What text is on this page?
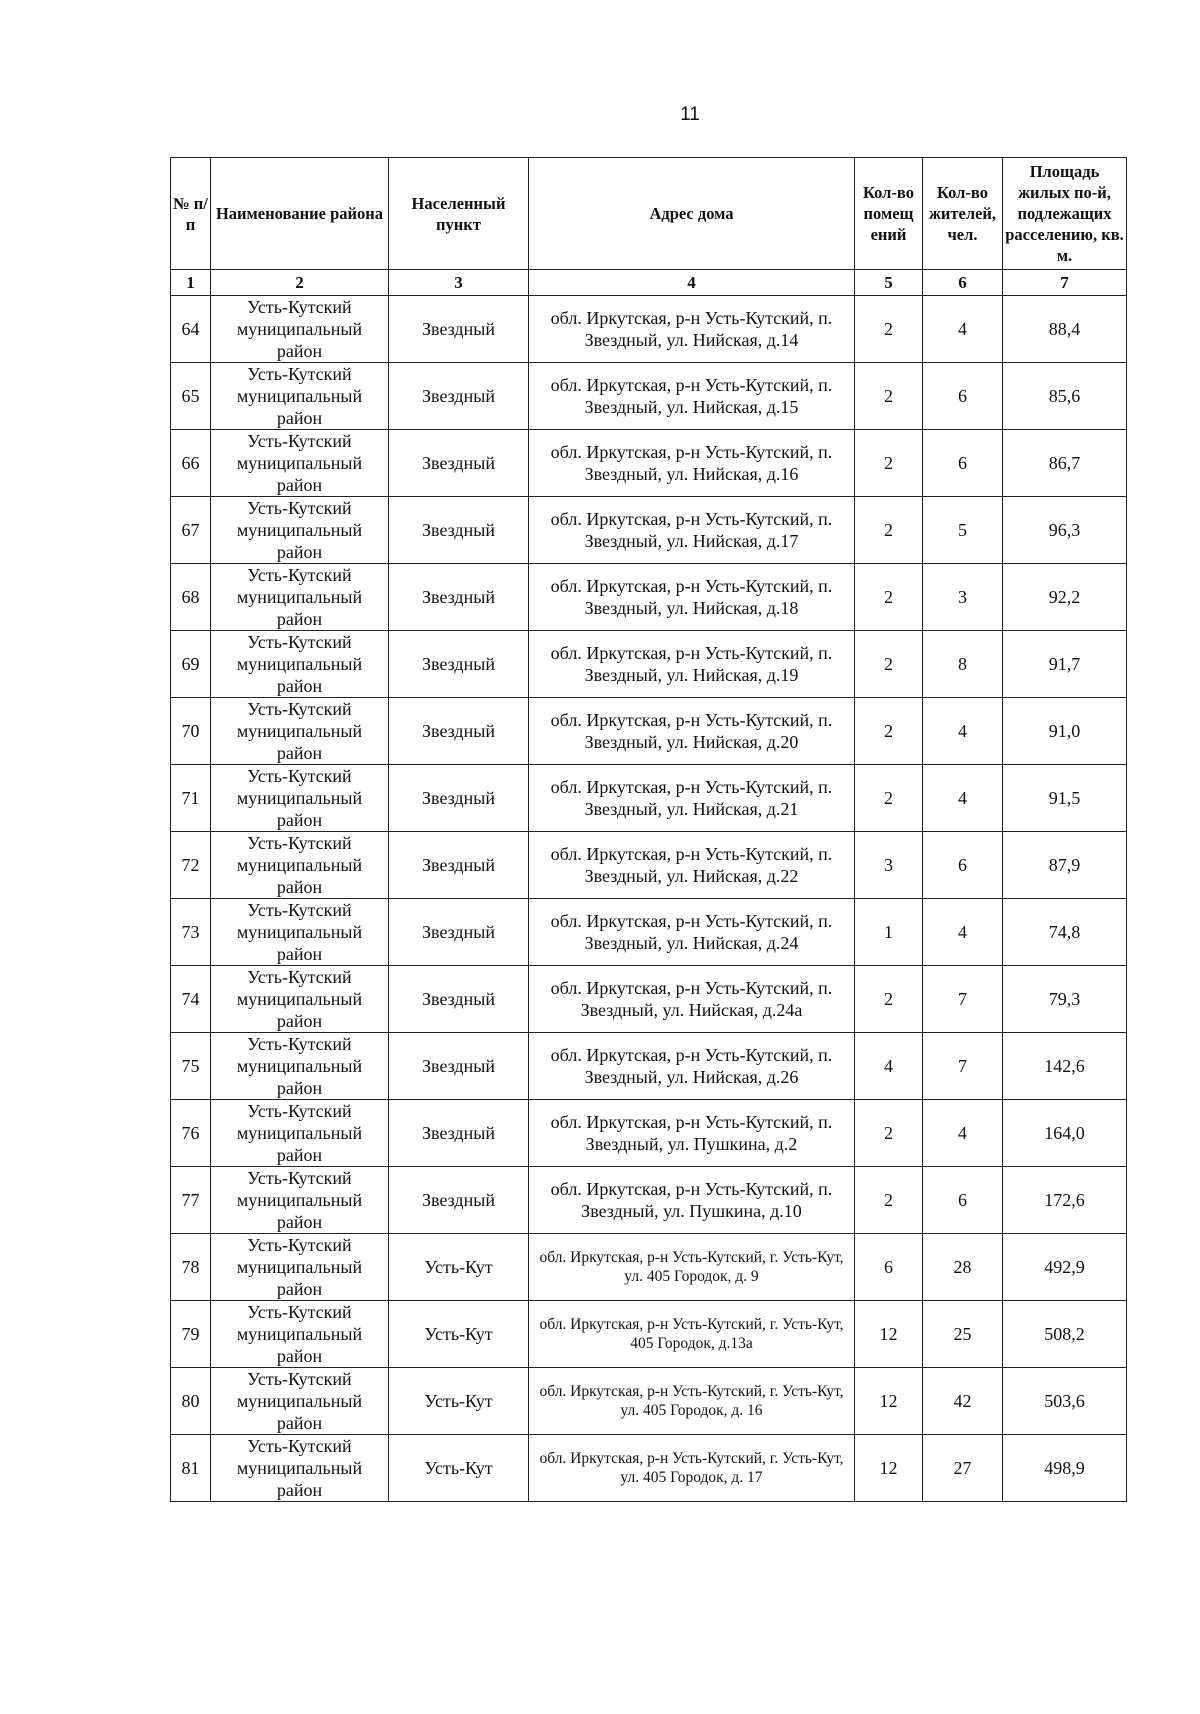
11
№ п/п	Наименование района	Населенный пункт	Адрес дома	Кол-во помещ ений	Кол-во жителей, чел.	Площадь жилых по-й, подлежащих расселению, кв. м.
1	2	3	4	5	6	7
64	Усть-Кутский муниципальный район	Звездный	обл. Иркутская, р-н Усть-Кутский, п. Звездный, ул. Нийская, д.14	2	4	88,4
65	Усть-Кутский муниципальный район	Звездный	обл. Иркутская, р-н Усть-Кутский, п. Звездный, ул. Нийская, д.15	2	6	85,6
66	Усть-Кутский муниципальный район	Звездный	обл. Иркутская, р-н Усть-Кутский, п. Звездный, ул. Нийская, д.16	2	6	86,7
67	Усть-Кутский муниципальный район	Звездный	обл. Иркутская, р-н Усть-Кутский, п. Звездный, ул. Нийская, д.17	2	5	96,3
68	Усть-Кутский муниципальный район	Звездный	обл. Иркутская, р-н Усть-Кутский, п. Звездный, ул. Нийская, д.18	2	3	92,2
69	Усть-Кутский муниципальный район	Звездный	обл. Иркутская, р-н Усть-Кутский, п. Звездный, ул. Нийская, д.19	2	8	91,7
70	Усть-Кутский муниципальный район	Звездный	обл. Иркутская, р-н Усть-Кутский, п. Звездный, ул. Нийская, д.20	2	4	91,0
71	Усть-Кутский муниципальный район	Звездный	обл. Иркутская, р-н Усть-Кутский, п. Звездный, ул. Нийская, д.21	2	4	91,5
72	Усть-Кутский муниципальный район	Звездный	обл. Иркутская, р-н Усть-Кутский, п. Звездный, ул. Нийская, д.22	3	6	87,9
73	Усть-Кутский муниципальный район	Звездный	обл. Иркутская, р-н Усть-Кутский, п. Звездный, ул. Нийская, д.24	1	4	74,8
74	Усть-Кутский муниципальный район	Звездный	обл. Иркутская, р-н Усть-Кутский, п. Звездный, ул. Нийская, д.24а	2	7	79,3
75	Усть-Кутский муниципальный район	Звездный	обл. Иркутская, р-н Усть-Кутский, п. Звездный, ул. Нийская, д.26	4	7	142,6
76	Усть-Кутский муниципальный район	Звездный	обл. Иркутская, р-н Усть-Кутский, п. Звездный, ул. Пушкина, д.2	2	4	164,0
77	Усть-Кутский муниципальный район	Звездный	обл. Иркутская, р-н Усть-Кутский, п. Звездный, ул. Пушкина, д.10	2	6	172,6
78	Усть-Кутский муниципальный район	Усть-Кут	обл. Иркутская, р-н Усть-Кутский, г. Усть-Кут, ул. 405 Городок, д. 9	6	28	492,9
79	Усть-Кутский муниципальный район	Усть-Кут	обл. Иркутская, р-н Усть-Кутский, г. Усть-Кут, 405 Городок, д.13а	12	25	508,2
80	Усть-Кутский муниципальный район	Усть-Кут	обл. Иркутская, р-н Усть-Кутский, г. Усть-Кут, ул. 405 Городок, д. 16	12	42	503,6
81	Усть-Кутский муниципальный район	Усть-Кут	обл. Иркутская, р-н Усть-Кутский, г. Усть-Кут, ул. 405 Городок, д. 17	12	27	498,9
